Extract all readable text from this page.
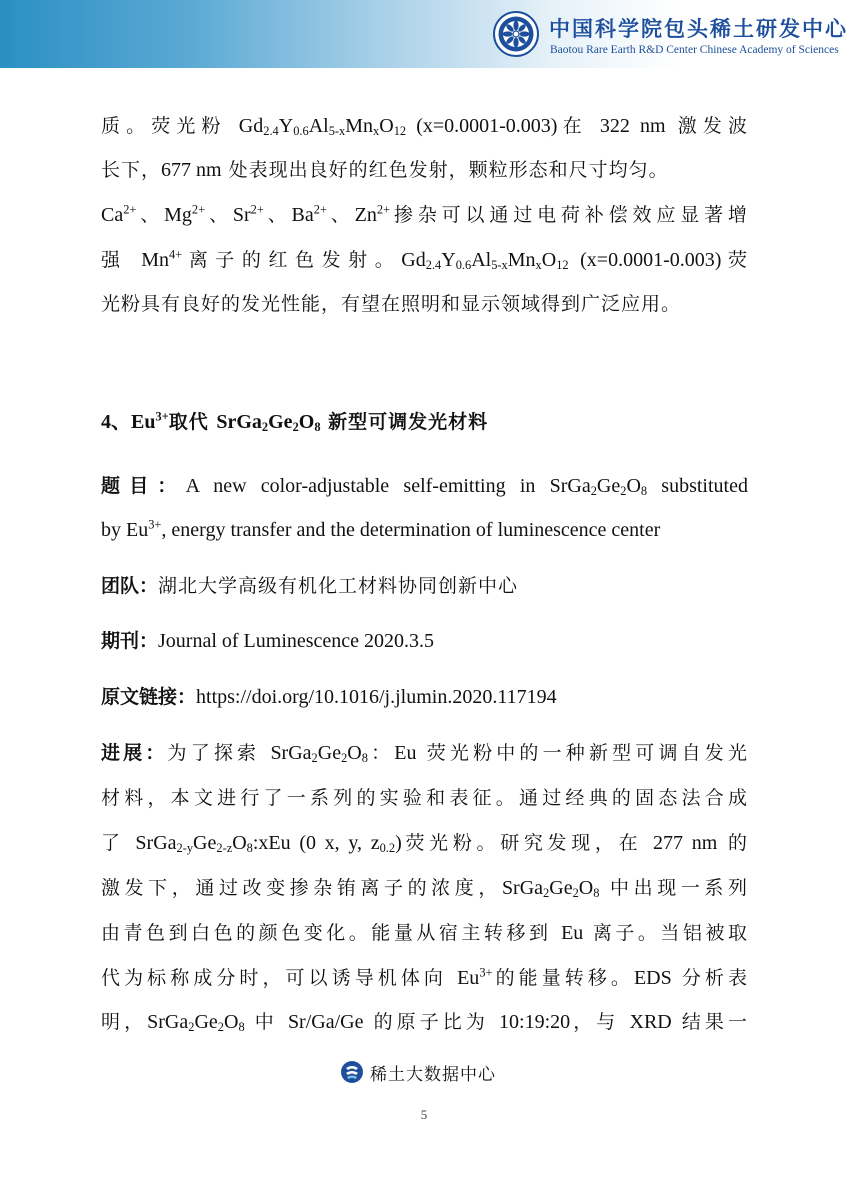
中国科学院包头稀土研发中心
Baotou Rare Earth R&D Center Chinese Academy of Sciences
质。荧光粉 $Gd_{2.4}Y_{0.6}Al_{5-x}Mn_xO_{12}$ (x=0.0001-0.003)在 322 nm 激发波
长下，677 nm 处表现出良好的红色发射，颗粒形态和尺寸均匀。
$Ca^{2+}$、$Mg^{2+}$、$Sr^{2+}$、$Ba^{2+}$、$Zn^{2+}$掺杂可以通过电荷补偿效应显著增
强 $Mn^{4+}$离子的红色发射。$Gd_{2.4}Y_{0.6}Al_{5-x}Mn_xO_{12}$ (x=0.0001-0.003)荧
光粉具有良好的发光性能，有望在照明和显示领域得到广泛应用。
4、$Eu^{3+}$取代 $SrGa_2Ge_2O_8$ 新型可调发光材料
题目：A new color-adjustable self-emitting in $SrGa_2Ge_2O_8$ substituted
by $Eu^{3+}$, energy transfer and the determination of luminescence center
团队：湖北大学高级有机化工材料协同创新中心
期刊：Journal of Luminescence 2020.3.5
原文链接：https://doi.org/10.1016/j.jlumin.2020.117194
进展：为了探索 $SrGa_2Ge_2O_8$：Eu 荧光粉中的一种新型可调自发光
材料，本文进行了一系列的实验和表征。通过经典的固态法合成
了 $SrGa_{2-y}Ge_{2-z}O_8:xEu$ (0 x, y, $z_{0.2}$)荧光粉。研究发现，在 277 nm 的
激发下，通过改变掺杂铕离子的浓度，$SrGa_2Ge_2O_8$ 中出现一系列
由青色到白色的颜色变化。能量从宿主转移到 Eu 离子。当铝被取
代为标称成分时，可以诱导机体向 $Eu^{3+}$的能量转移。EDS 分析表
明，$SrGa_2Ge_2O_8$ 中 Sr/Ga/Ge 的原子比为 10:19:20，与 XRD 结果一
稀土大数据中心
5
